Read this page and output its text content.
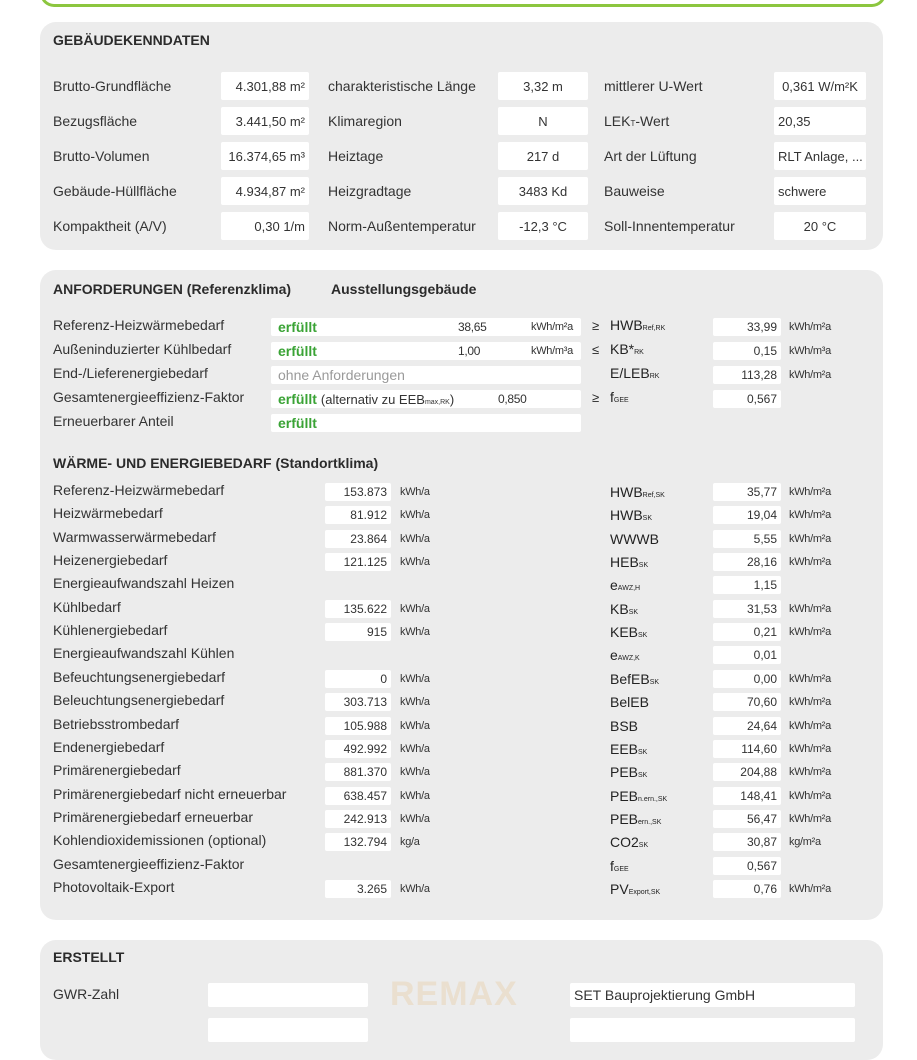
GEBÄUDEKENNDATEN
Brutto-Grundfläche	4.301,88 m² charakteristische Länge	3,32 m	mittlerer U-Wert	0,361 W/m²K
Bezugsfläche	3.441,50 m² Klimaregion	N	LEKT-Wert	20,35
Brutto-Volumen	16.374,65 m³ Heiztage	217 d	Art der Lüftung	RLT Anlage, ...
Gebäude-Hüllfläche	4.934,87 m² Heizgradtage	3483 Kd	Bauweise	schwere
Kompaktheit (A/V)	0,30 1/m Norm-Außentemperatur	-12,3 °C	Soll-Innentemperatur	20 °C
ANFORDERUNGEN (Referenzklima)	Ausstellungsgebäude
Referenz-Heizwärmebedarf	erfüllt	38,65	kWh/m²a ≥ HWBRef,RK	33,99	kWh/m²a
Außeninduzierter Kühlbedarf	erfüllt	1,00	kWh/m³a ≤ KB*RK	0,15	kWh/m³a
End-/Lieferenergiebedarf	ohne Anforderungen	E/LEBRK	113,28	kWh/m²a
Gesamtenergieeffizienz-Faktor erfüllt (alternativ zu EEBmax,RK)	0,850	≥ fGEE	0,567
Erneuerbarer Anteil	erfüllt
WÄRME- UND ENERGIEBEDARF (Standortklima)
Referenz-Heizwärmebedarf	153.873	kWh/a	HWBRef,SK	35,77	kWh/m²a
Heizwärmebedarf	81.912	kWh/a	HWBSK	19,04	kWh/m²a
Warmwasserwärmebedarf	23.864	kWh/a	WWWB	5,55	kWh/m²a
Heizenergiebedarf	121.125	kWh/a	HEBSK	28,16	kWh/m²a
Energieaufwandszahl Heizen	eAWZ,H	1,15
Kühlbedarf	135.622	kWh/a	KBSK	31,53	kWh/m²a
Kühlenergiebedarf	915	kWh/a	KEBSK	0,21	kWh/m²a
Energieaufwandszahl Kühlen	eAWZ,K	0,01
Befeuchtungsenergiebedarf	0	kWh/a	BefEBSK	0,00	kWh/m²a
Beleuchtungsenergiebedarf	303.713	kWh/a	BelEB	70,60	kWh/m²a
Betriebsstrombedarf	105.988	kWh/a	BSB	24,64	kWh/m²a
Endenergiebedarf	492.992	kWh/a	EEBSK	114,60	kWh/m²a
Primärenergiebedarf	881.370	kWh/a	PEBSK	204,88	kWh/m²a
Primärenergiebedarf nicht erneuerbar	638.457	kWh/a	PEBn.ern.,SK	148,41	kWh/m²a
Primärenergiebedarf erneuerbar	242.913	kWh/a	PEBern.,SK	56,47	kWh/m²a
Kohlendioxidemissionen (optional)	132.794	kg/a	CO2SK	30,87	kg/m²a
Gesamtenergieeffizienz-Faktor	fGEE	0,567
Photovoltaik-Export	3.265	kWh/a	PVExport,SK	0,76	kWh/m²a
ERSTELLT
GWR-Zahl	SET Bauprojektierung GmbH
REMAX
